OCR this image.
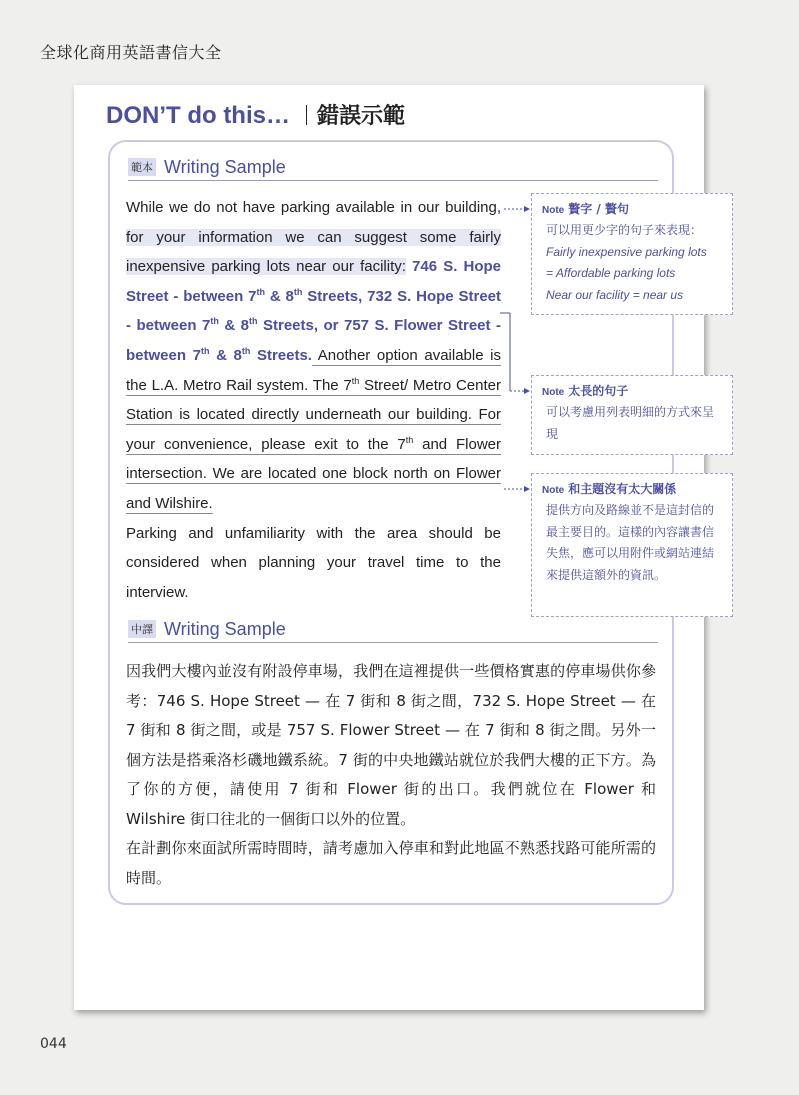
全球化商用英語書信大全
DON’T do this… 錯誤示範
範本 Writing Sample

While we do not have parking available in our building, for your information we can suggest some fairly inexpensive parking lots near our facility: 746 S. Hope Street - between 7th & 8th Streets, 732 S. Hope Street - between 7th & 8th Streets, or 757 S. Flower Street - between 7th & 8th Streets. Another option available is the L.A. Metro Rail system. The 7th Street/ Metro Center Station is located directly underneath our building. For your convenience, please exit to the 7th and Flower intersection. We are located one block north on Flower and Wilshire.

Parking and unfamiliarity with the area should be considered when planning your travel time to the interview.

中譯 Writing Sample

因我們大樓內並沒有附設停車場，我們在這裡提供一些價格實惠的停車場供你參考：746 S. Hope Street — 在 7 街和 8 街之間，732 S. Hope Street — 在 7 街和 8 街之間，或是 757 S. Flower Street — 在 7 街和 8 街之間。另外一個方法是搭乘洛杉磯地鐵系統。7 街的中央地鐵站就位於我們大樓的正下方。為了你的方便，請使用 7 街和 Flower 街的出口。我們就位在 Flower 和 Wilshire 街口往北的一個街口以外的位置。

在計劃你來面試所需時間時，請考慮加入停車和對此地區不熟悉找路可能所需的時間。

Note 贅字 / 贅句
可以用更少字的句子來表現：
Fairly inexpensive parking lots
= Affordable parking lots
Near our facility = near us
Note 太長的句子
可以考慮用列表明細的方式來呈現
Note 和主題沒有太大關係
提供方向及路線並不是這封信的最主要目的。這樣的內容讓書信失焦，應可以用附件或網站連結來提供這額外的資訊。
044
